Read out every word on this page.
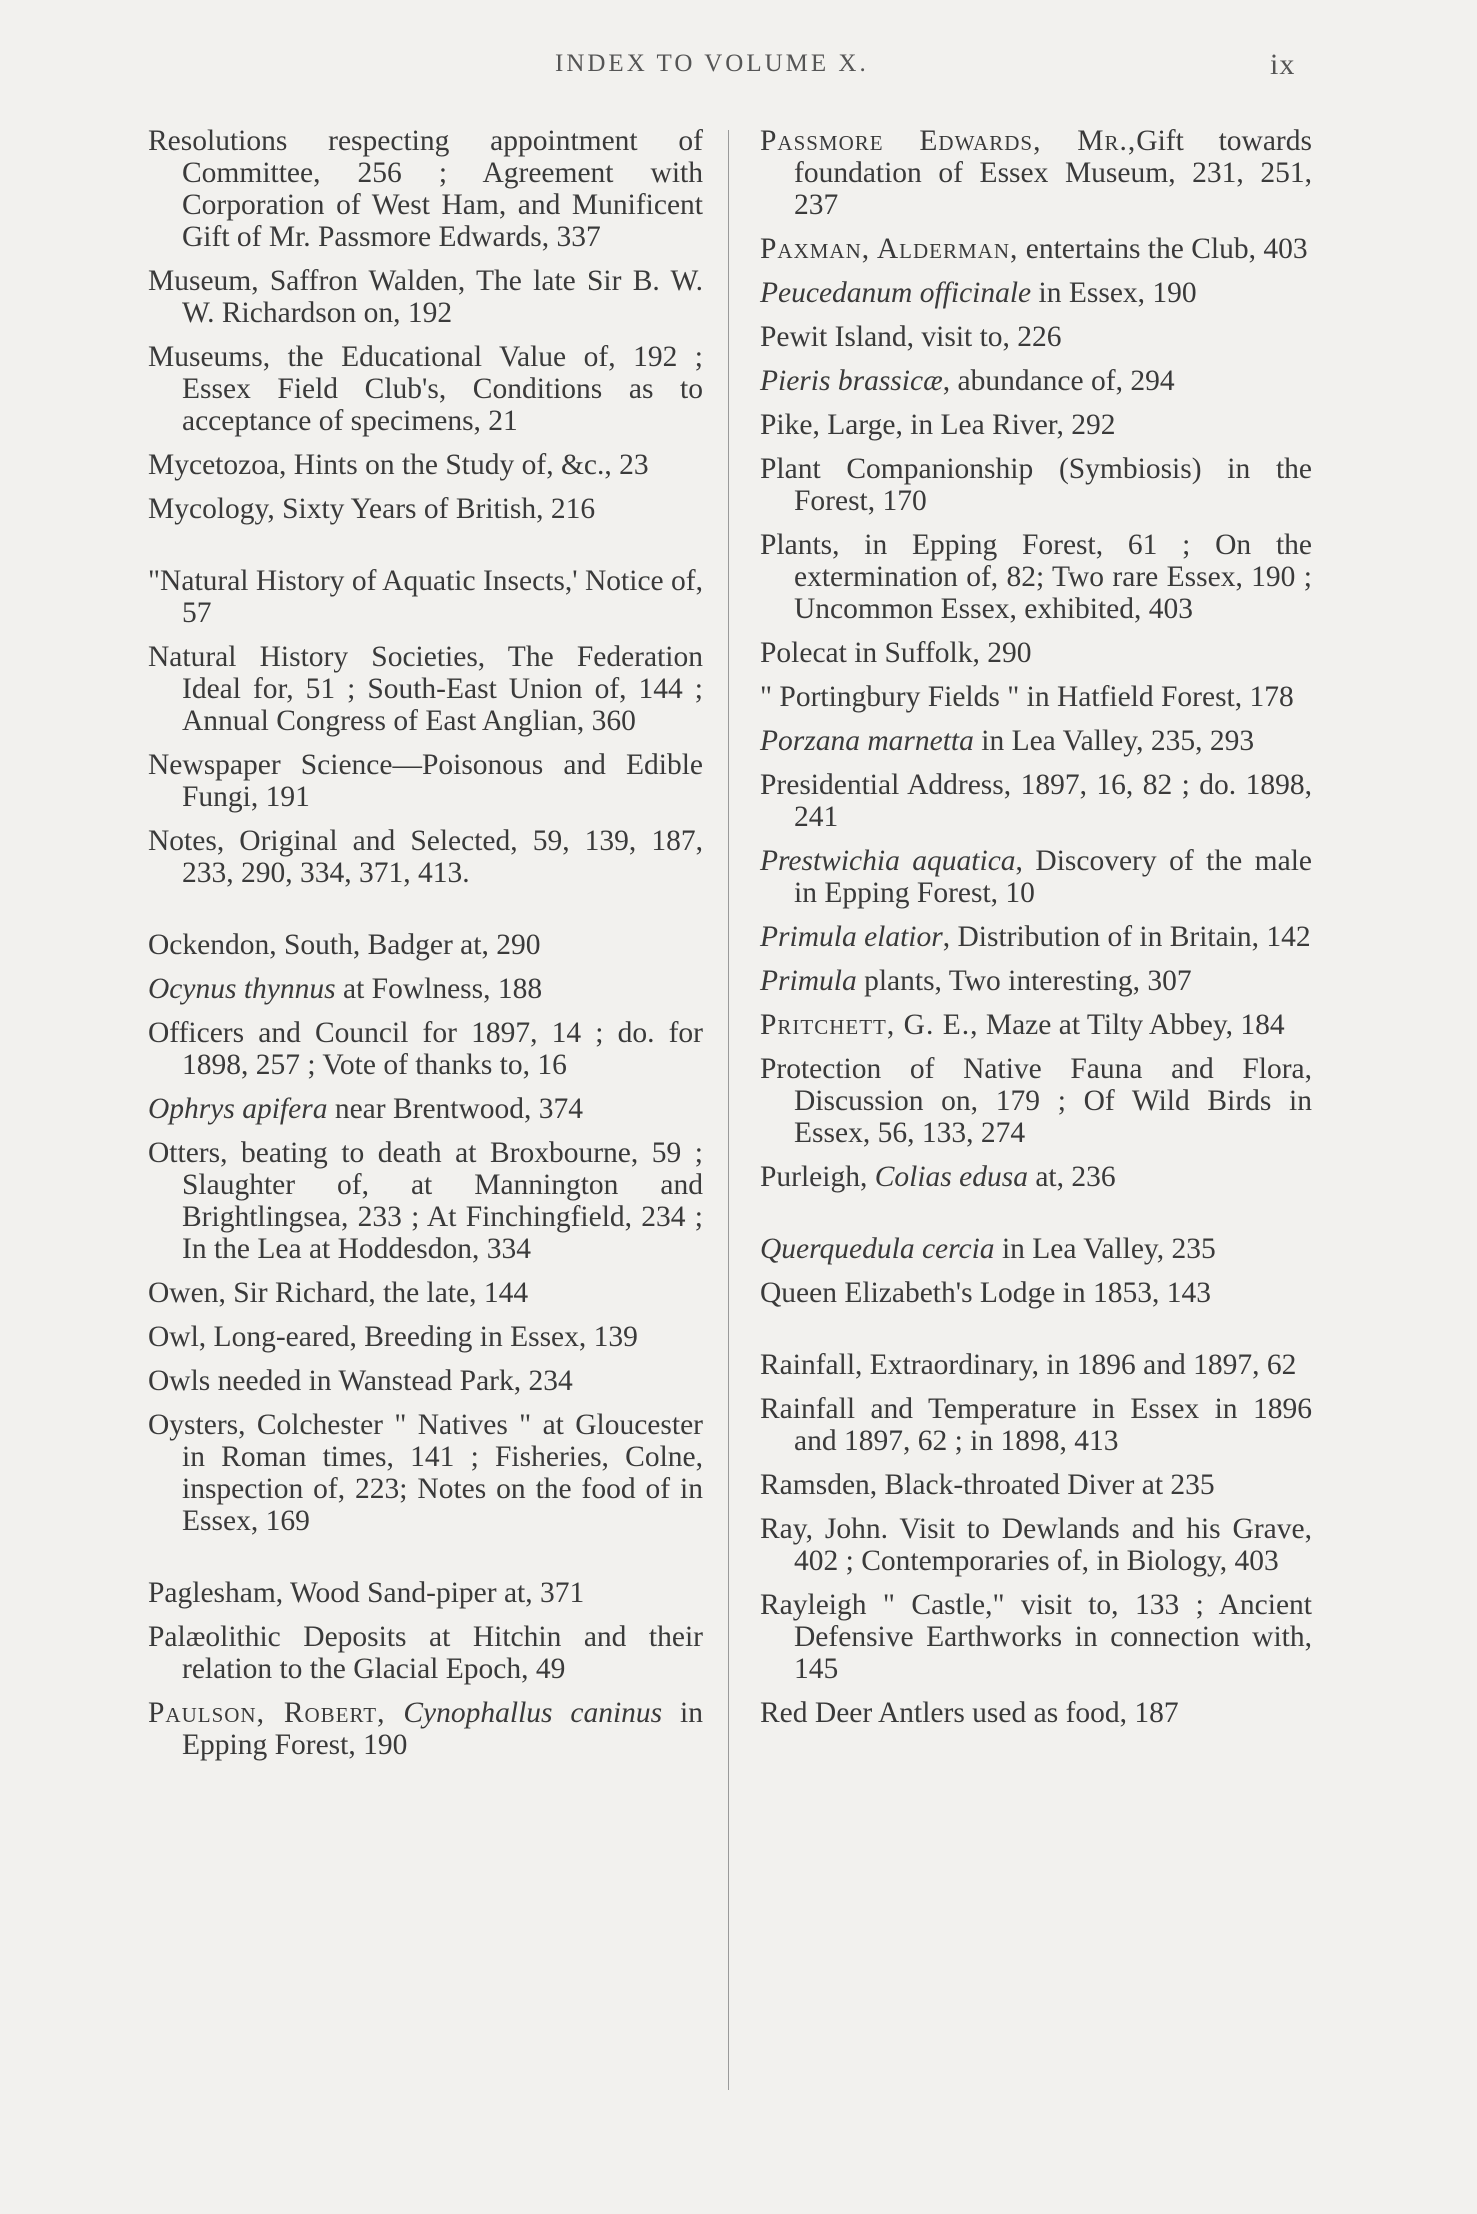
INDEX TO VOLUME X.	ix

Resolutions respecting appointment of Committee, 256 ; Agreement with Corporation of West Ham, and Munificent Gift of Mr. Passmore Edwards, 337

Museum, Saffron Walden, The late Sir B. W. W. Richardson on, 192

Museums, the Educational Value of, 192 ; Essex Field Club's, Conditions as to acceptance of specimens, 21

Mycetozoa, Hints on the Study of, &c., 23

Mycology, Sixty Years of British, 216

"Natural History of Aquatic Insects,' Notice of, 57

Natural History Societies, The Federation Ideal for, 51 ; South-East Union of, 144 ; Annual Congress of East Anglian, 360

Newspaper Science—Poisonous and Edible Fungi, 191

Notes, Original and Selected, 59, 139, 187, 233, 290, 334, 371, 413.

Ockendon, South, Badger at, 290

Ocynus thynnus at Fowlness, 188

Officers and Council for 1897, 14 ; do. for 1898, 257 ; Vote of thanks to, 16

Ophrys apifera near Brentwood, 374

Otters, beating to death at Broxbourne, 59 ; Slaughter of, at Mannington and Brightlingsea, 233 ; At Finchingfield, 234 ; In the Lea at Hoddesdon, 334

Owen, Sir Richard, the late, 144

Owl, Long-eared, Breeding in Essex, 139

Owls needed in Wanstead Park, 234

Oysters, Colchester " Natives " at Gloucester in Roman times, 141 ; Fisheries, Colne, inspection of, 223; Notes on the food of in Essex, 169

Paglesham, Wood Sand-piper at, 371

Palæolithic Deposits at Hitchin and their relation to the Glacial Epoch, 49

Paulson, Robert, Cynophallus caninus in Epping Forest, 190

Passmore Edwards, Mr.,Gift towards foundation of Essex Museum, 231, 251, 237

Paxman, Alderman, entertains the Club, 403

Peucedanum officinale in Essex, 190

Pewit Island, visit to, 226

Pieris brassicæ, abundance of, 294

Pike, Large, in Lea River, 292

Plant Companionship (Symbiosis) in the Forest, 170

Plants, in Epping Forest, 61 ; On the extermination of, 82; Two rare Essex, 190 ; Uncommon Essex, exhibited, 403

Polecat in Suffolk, 290

" Portingbury Fields " in Hatfield Forest, 178

Porzana marnetta in Lea Valley, 235, 293

Presidential Address, 1897, 16, 82 ; do. 1898, 241

Prestwichia aquatica, Discovery of the male in Epping Forest, 10

Primula elatior, Distribution of in Britain, 142

Primula plants, Two interesting, 307

Pritchett, G. E., Maze at Tilty Abbey, 184

Protection of Native Fauna and Flora, Discussion on, 179 ; Of Wild Birds in Essex, 56, 133, 274

Purleigh, Colias edusa at, 236

Querquedula cercia in Lea Valley, 235

Queen Elizabeth's Lodge in 1853, 143

Rainfall, Extraordinary, in 1896 and 1897, 62

Rainfall and Temperature in Essex in 1896 and 1897, 62 ; in 1898, 413

Ramsden, Black-throated Diver at 235

Ray, John. Visit to Dewlands and his Grave, 402 ; Contemporaries of, in Biology, 403

Rayleigh " Castle," visit to, 133 ; Ancient Defensive Earthworks in connection with, 145

Red Deer Antlers used as food, 187
